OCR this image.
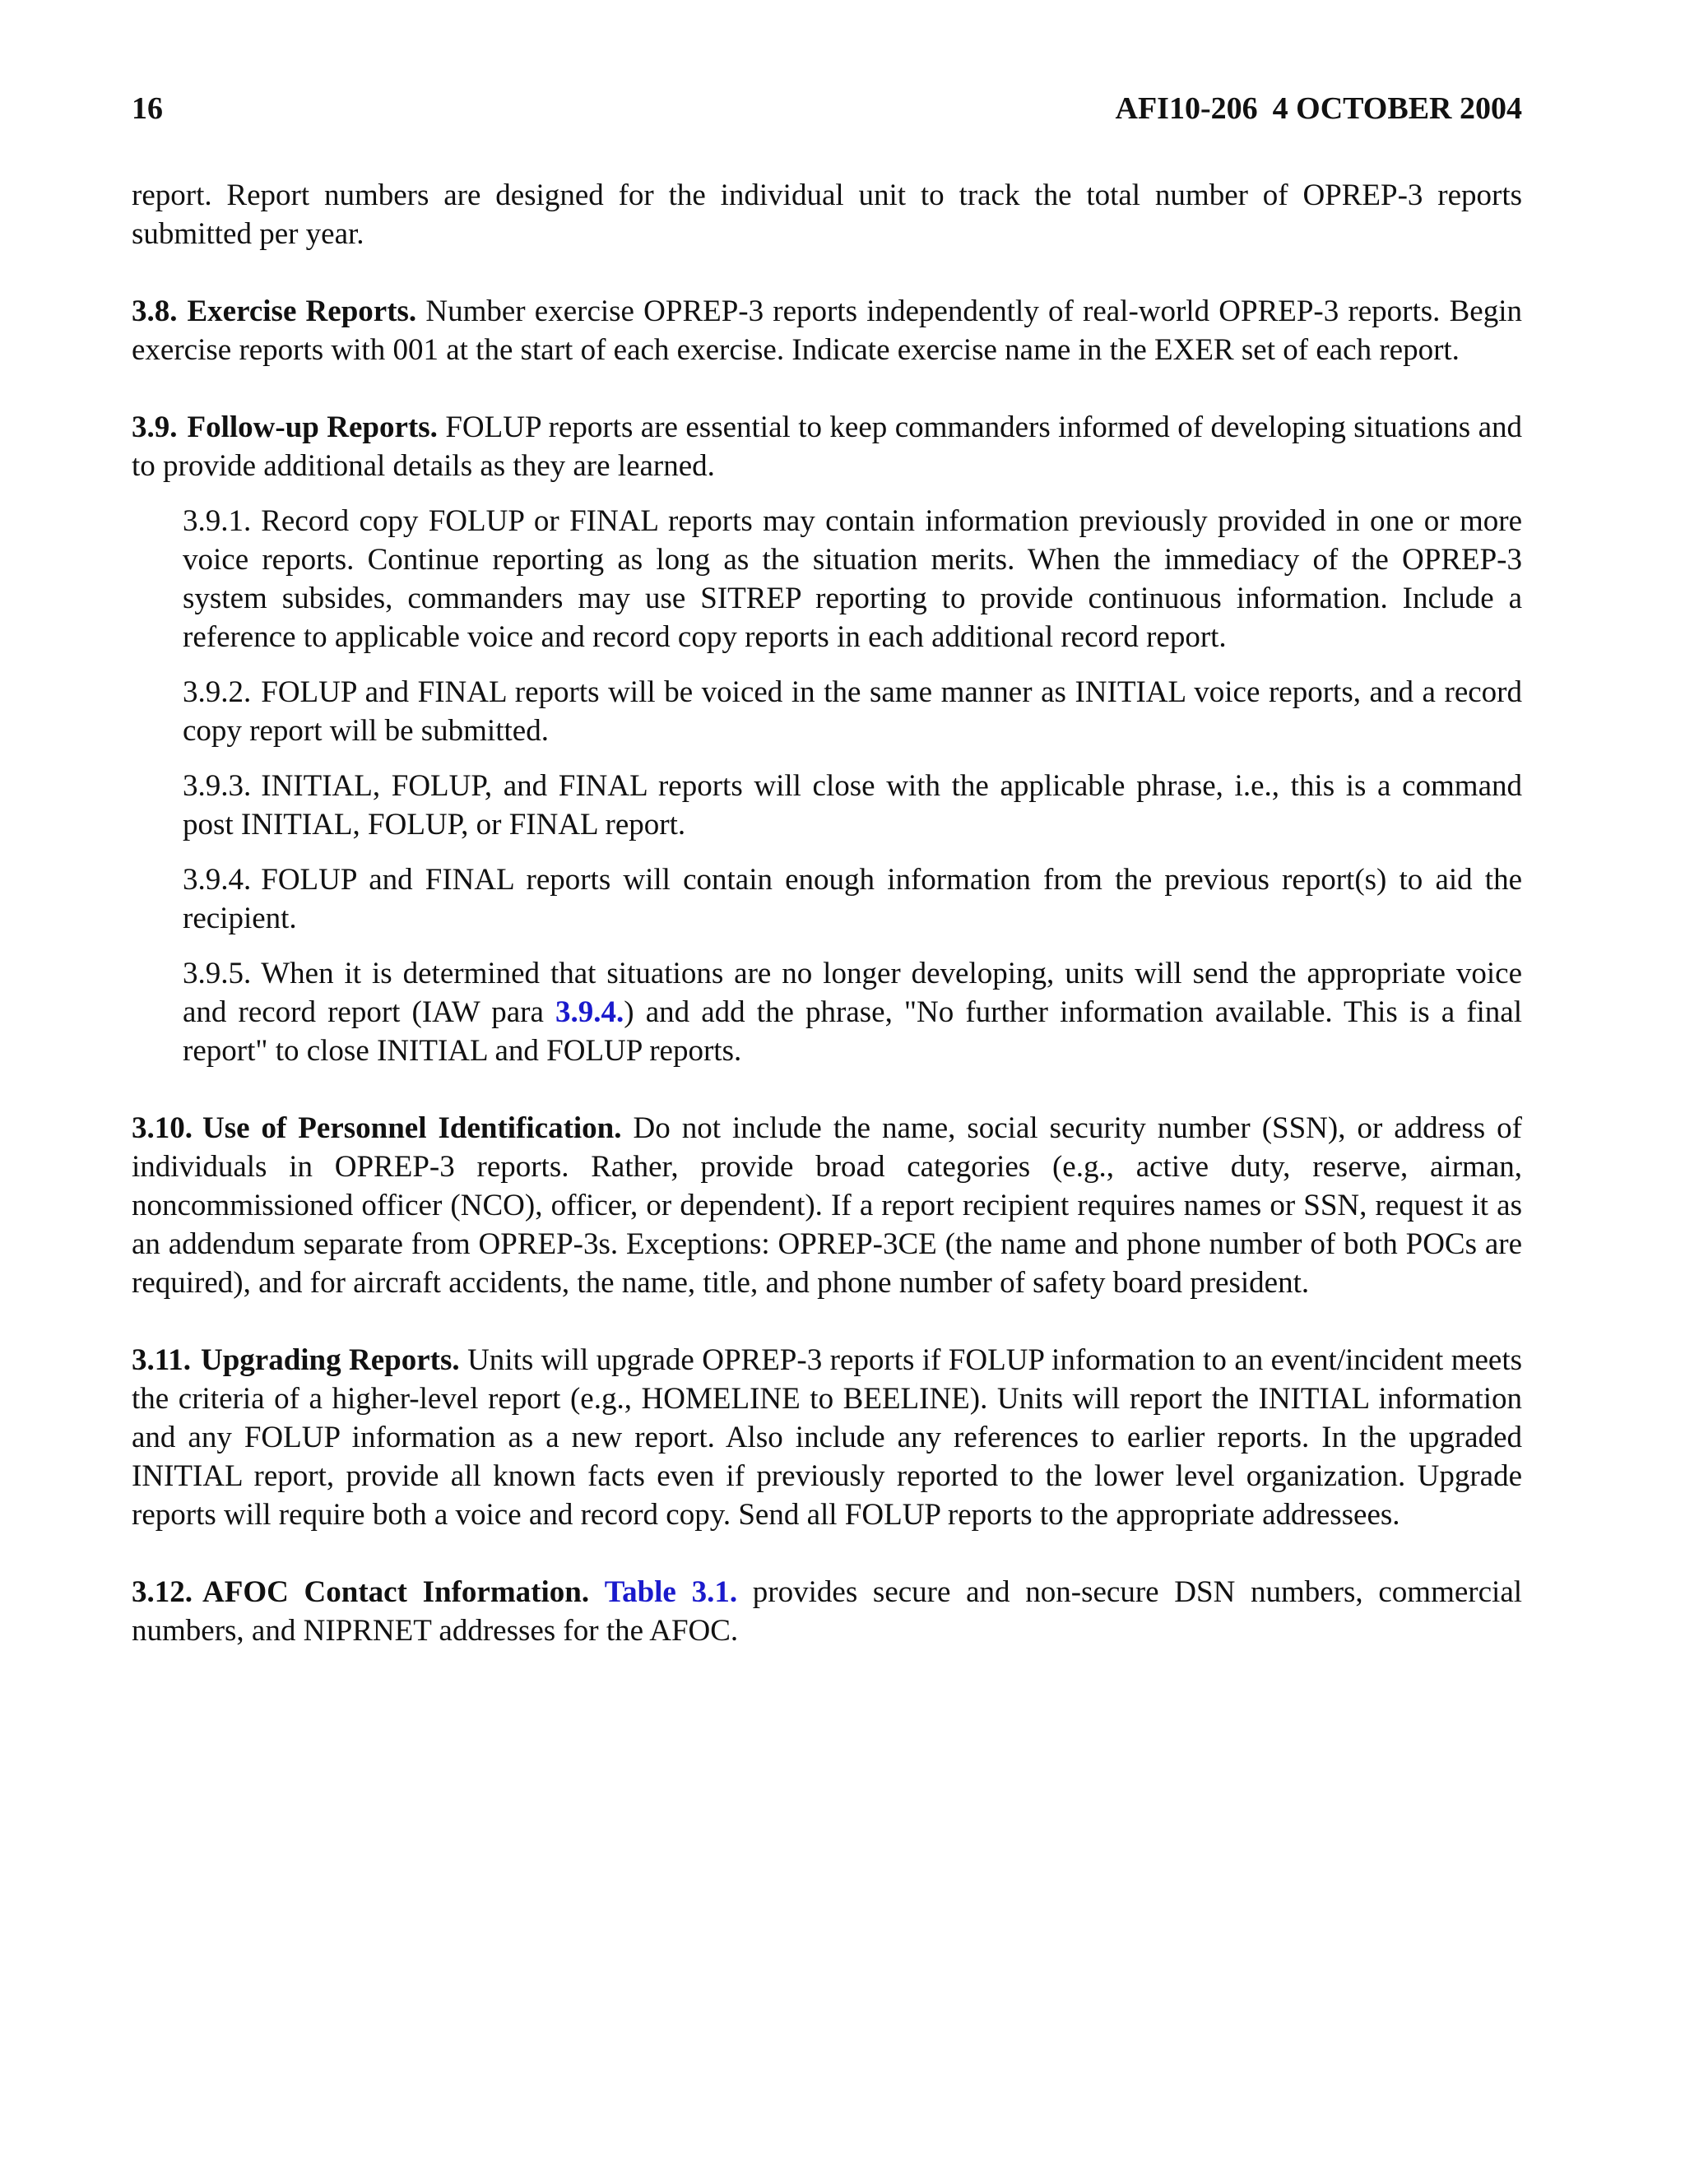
16	AFI10-206 4 OCTOBER 2004

report. Report numbers are designed for the individual unit to track the total number of OPREP-3 reports submitted per year.

3.8. Exercise Reports. Number exercise OPREP-3 reports independently of real-world OPREP-3 reports. Begin exercise reports with 001 at the start of each exercise. Indicate exercise name in the EXER set of each report.

3.9. Follow-up Reports. FOLUP reports are essential to keep commanders informed of developing situations and to provide additional details as they are learned.

3.9.1. Record copy FOLUP or FINAL reports may contain information previously provided in one or more voice reports. Continue reporting as long as the situation merits. When the immediacy of the OPREP-3 system subsides, commanders may use SITREP reporting to provide continuous information. Include a reference to applicable voice and record copy reports in each additional record report.

3.9.2. FOLUP and FINAL reports will be voiced in the same manner as INITIAL voice reports, and a record copy report will be submitted.

3.9.3. INITIAL, FOLUP, and FINAL reports will close with the applicable phrase, i.e., this is a command post INITIAL, FOLUP, or FINAL report.

3.9.4. FOLUP and FINAL reports will contain enough information from the previous report(s) to aid the recipient.

3.9.5. When it is determined that situations are no longer developing, units will send the appropriate voice and record report (IAW para 3.9.4.) and add the phrase, "No further information available. This is a final report" to close INITIAL and FOLUP reports.

3.10. Use of Personnel Identification. Do not include the name, social security number (SSN), or address of individuals in OPREP-3 reports. Rather, provide broad categories (e.g., active duty, reserve, airman, noncommissioned officer (NCO), officer, or dependent). If a report recipient requires names or SSN, request it as an addendum separate from OPREP-3s. Exceptions: OPREP-3CE (the name and phone number of both POCs are required), and for aircraft accidents, the name, title, and phone number of safety board president.

3.11. Upgrading Reports. Units will upgrade OPREP-3 reports if FOLUP information to an event/incident meets the criteria of a higher-level report (e.g., HOMELINE to BEELINE). Units will report the INITIAL information and any FOLUP information as a new report. Also include any references to earlier reports. In the upgraded INITIAL report, provide all known facts even if previously reported to the lower level organization. Upgrade reports will require both a voice and record copy. Send all FOLUP reports to the appropriate addressees.

3.12. AFOC Contact Information. Table 3.1. provides secure and non-secure DSN numbers, commercial numbers, and NIPRNET addresses for the AFOC.
